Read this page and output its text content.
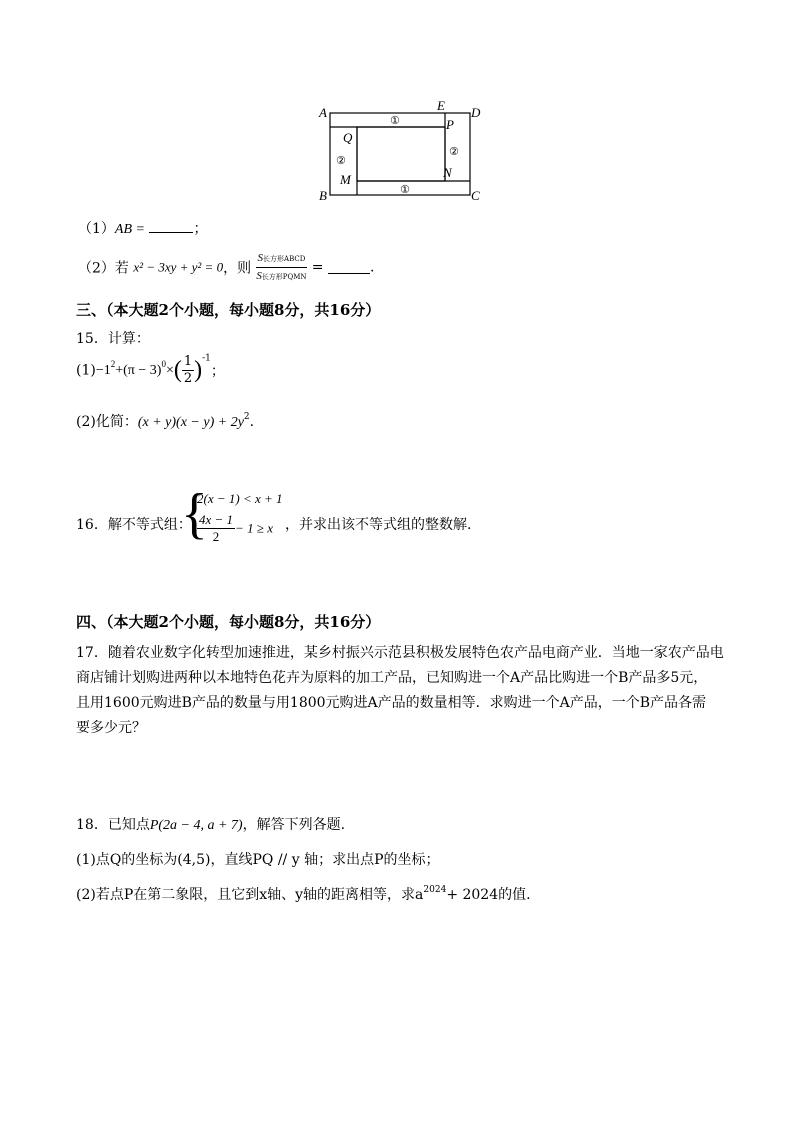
①
①
②
②
A	E D
B	C
Q
P
M	N
（1）AB =	；
（2）若 x² − 3xy + y² = 0，则 $\frac{\text{S长方形ABCD}}{\text{S长方形PQMN}}$ =	.
三、（本大题2个小题，每小题8分，共16分）
15．计算：
$(1)-1^2+(\pi - 3)^0\times( \frac{1}{2} )^{-1}$；
(2)化简：$(x + y)(x - y) + 2y^2$.
16．解不等式组：
{
2(x − 1) < x + 1
$\frac{4x - 1}{2} - 1 \ge x$ ，并求出该不等式组的整数解.
四、（本大题2个小题，每小题8分，共16分）
17．随着农业数字化转型加速推进，某乡村振兴示范县积极发展特色农产品电商产业．当地一家农产品电
商店铺计划购进两种以本地特色花卉为原料的加工产品，已知购进一个A产品比购进一个B产品多5元，
且用1600元购进B产品的数量与用1800元购进A产品的数量相等．求购进一个A产品，一个B产品各需
要多少元？
18．已知点P(2a − 4, a + 7)，解答下列各题.
(1)点Q的坐标为(4,5)，直线PQ // y 轴；求出点P的坐标；
(2)若点P在第二象限，且它到x轴、y轴的距离相等，求$a^{2024}+ 2024$的值.
